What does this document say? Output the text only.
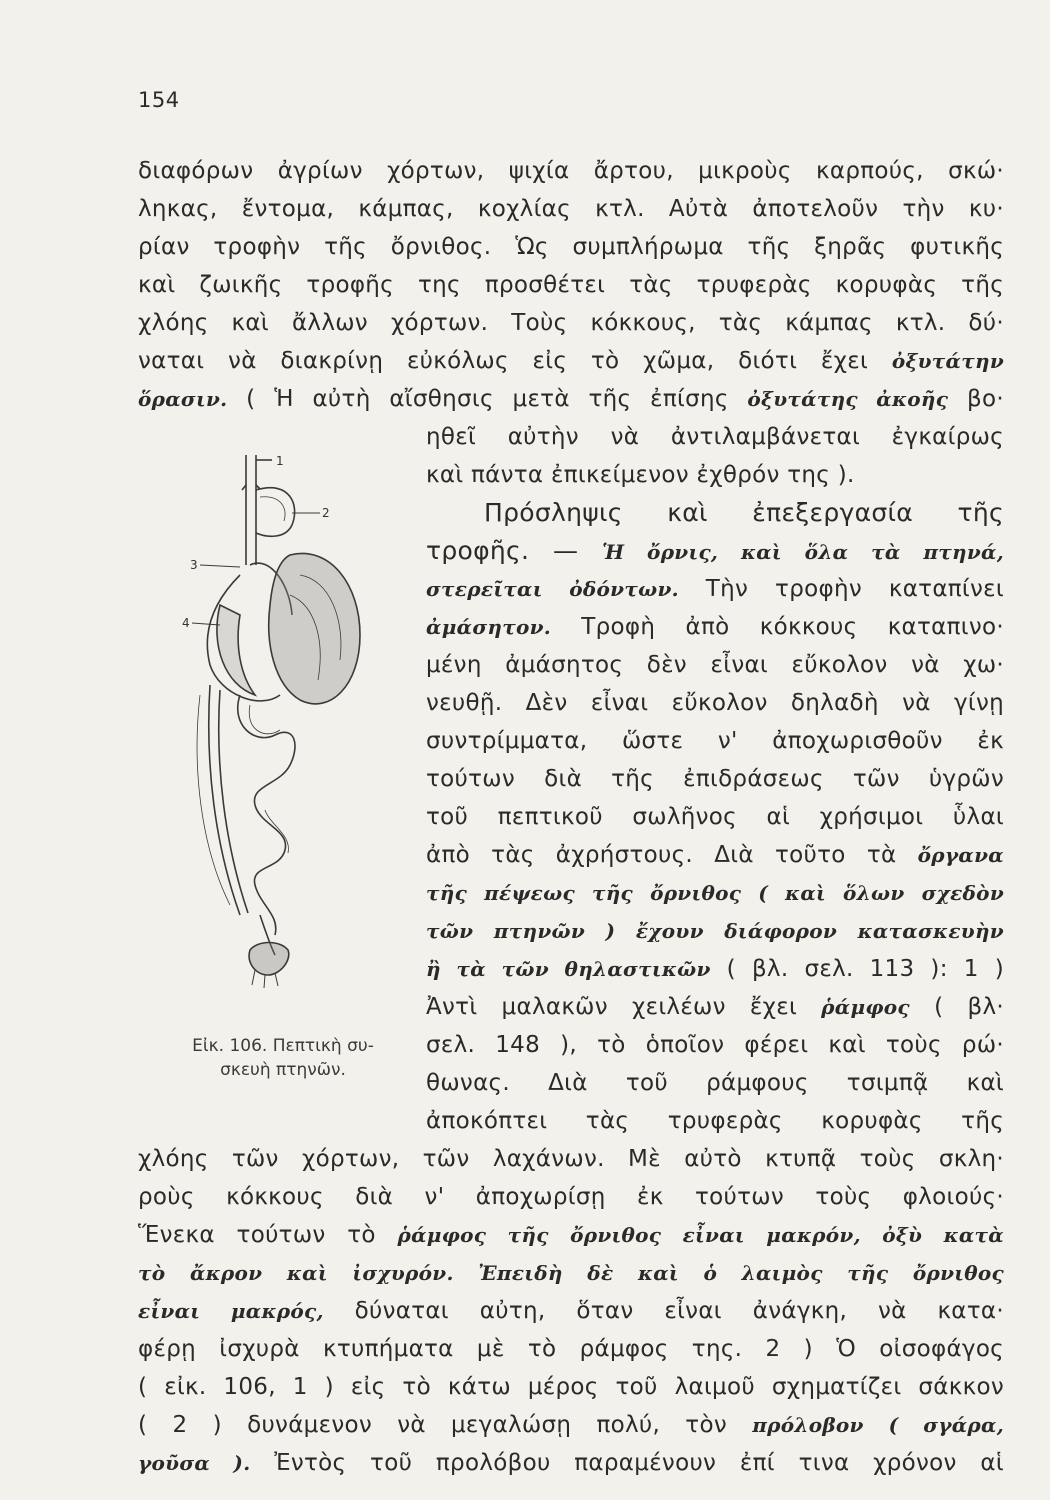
154
διαφόρων ἀγρίων χόρτων, ψιχία ἄρτου, μικροὺς καρπούς, σκώ·
ληκας, ἔντομα, κάμπας, κοχλίας κτλ. Αὐτὰ ἀποτελοῦν τὴν κυ·
ρίαν τροφὴν τῆς ὄρνιθος. Ὡς συμπλήρωμα τῆς ξηρᾶς φυτικῆς
καὶ ζωικῆς τροφῆς της προσθέτει τὰς τρυφερὰς κορυφὰς τῆς
χλόης καὶ ἄλλων χόρτων. Τοὺς κόκκους, τὰς κάμπας κτλ. δύ·
ναται νὰ διακρίνῃ εὐκόλως εἰς τὸ χῶμα, διότι ἔχει ὀξυτάτην
ὅρασιν. ( Ἡ αὐτὴ αἴσθησις μετὰ τῆς ἐπίσης ὀξυτάτης ἀκοῆς βο·
ηθεῖ αὐτὴν νὰ ἀντιλαμβάνεται ἐγκαίρως
καὶ πάντα ἐπικείμενον ἐχθρόν της ).
Πρόσληψις καὶ ἐπεξεργασία τῆς
τροφῆς. — Ἡ ὄρνις, καὶ ὅλα τὰ πτηνά,
στερεῖται ὀδόντων. Τὴν τροφὴν καταπίνει
ἀμάσητον. Τροφὴ ἀπὸ κόκκους καταπινο·
μένη ἀμάσητος δὲν εἶναι εὔκολον νὰ χω·
νευθῇ. Δὲν εἶναι εὔκολον δηλαδὴ νὰ γίνῃ
συντρίμματα, ὥστε ν' ἀποχωρισθοῦν ἐκ
τούτων διὰ τῆς ἐπιδράσεως τῶν ὑγρῶν
τοῦ πεπτικοῦ σωλῆνος αἱ χρήσιμοι ὗλαι
ἀπὸ τὰς ἀχρήστους. Διὰ τοῦτο τὰ ὄργανα
τῆς πέψεως τῆς ὄρνιθος ( καὶ ὅλων σχεδὸν
τῶν πτηνῶν ) ἔχουν διάφορον κατασκευὴν
ἢ τὰ τῶν θηλαστικῶν ( βλ. σελ. 113 ): 1 )
Ἀντὶ μαλακῶν χειλέων ἔχει ῥάμφος ( βλ·
σελ. 148 ), τὸ ὁποῖον φέρει καὶ τοὺς ρώ·
θωνας. Διὰ τοῦ ράμφους τσιμπᾷ καὶ
ἀποκόπτει τὰς τρυφερὰς κορυφὰς τῆς
χλόης τῶν χόρτων, τῶν λαχάνων. Μὲ αὐτὸ κτυπᾷ τοὺς σκλη·
ροὺς κόκκους διὰ ν' ἀποχωρίσῃ ἐκ τούτων τοὺς φλοιούς·
Ἕνεκα τούτων τὸ ῥάμφος τῆς ὄρνιθος εἶναι μακρόν, ὀξὺ κατὰ
τὸ ἄκρον καὶ ἰσχυρόν. Ἐπειδὴ δὲ καὶ ὁ λαιμὸς τῆς ὄρνιθος
εἶναι μακρός, δύναται αὐτη, ὅταν εἶναι ἀνάγκη, νὰ κατα·
φέρῃ ἰσχυρὰ κτυπήματα μὲ τὸ ράμφος της. 2 ) Ὁ οἰσοφάγος
( εἰκ. 106, 1 ) εἰς τὸ κάτω μέρος τοῦ λαιμοῦ σχηματίζει σάκκον
( 2 ) δυνάμενον νὰ μεγαλώσῃ πολύ, τὸν πρόλοβον ( σγάρα,
γοῦσα ). Ἐντὸς τοῦ προλόβου παραμένουν ἐπί τινα χρόνον αἱ
1
2
3
4
Εἰκ. 106. Πεπτικὴ συ-
σκευὴ πτηνῶν.
